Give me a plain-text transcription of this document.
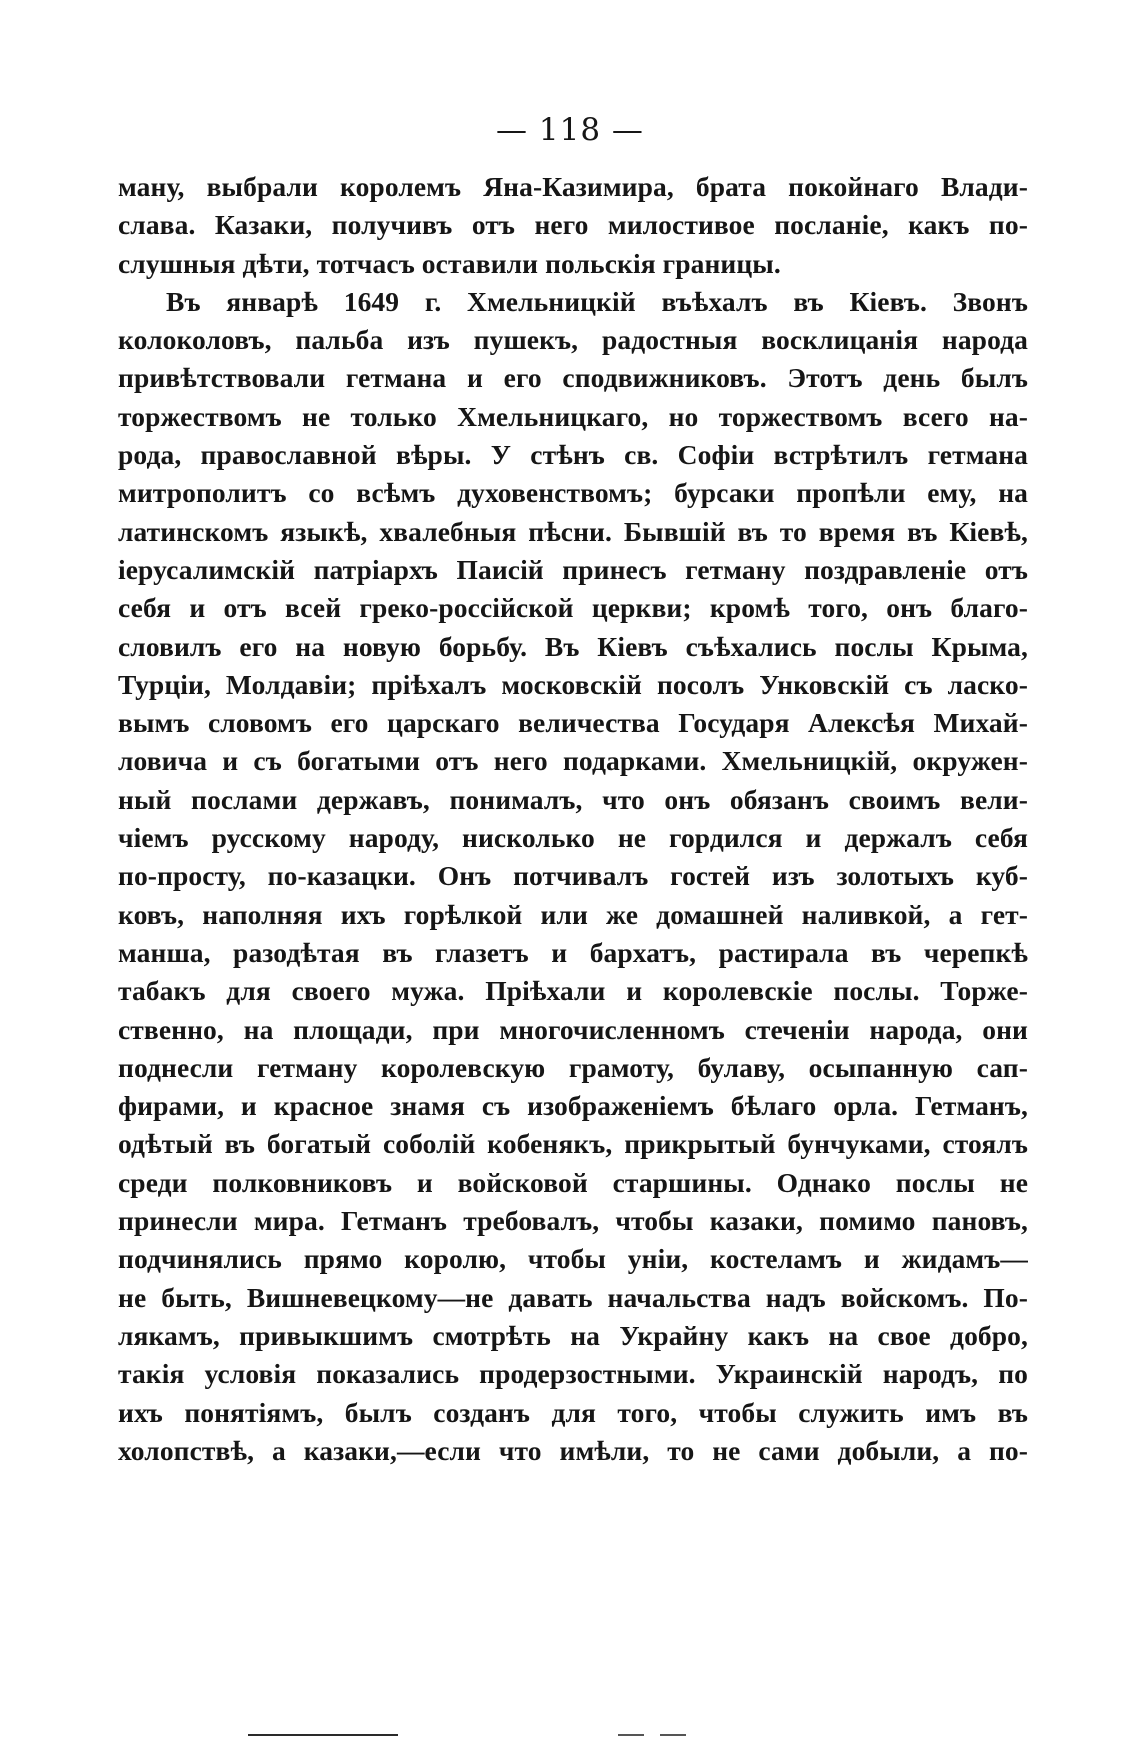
— 118 —
ману, выбрали королемъ Яна-Казимира, брата покойнаго Влади-
слава. Казаки, получивъ отъ него милостивое посланіе, какъ по-
слушныя дѣти, тотчасъ оставили польскія границы.
Въ январѣ 1649 г. Хмельницкій въѣхалъ въ Кіевъ. Звонъ
колоколовъ, пальба изъ пушекъ, радостныя восклицанія народа
привѣтствовали гетмана и его сподвижниковъ. Этотъ день былъ
торжествомъ не только Хмельницкаго, но торжествомъ всего на-
рода, православной вѣры. У стѣнъ св. Софіи встрѣтилъ гетмана
митрополитъ со всѣмъ духовенствомъ; бурсаки пропѣли ему, на
латинскомъ языкѣ, хвалебныя пѣсни. Бывшій въ то время въ Кіевѣ,
іерусалимскій патріархъ Паисій принесъ гетману поздравленіе отъ
себя и отъ всей греко-россійской церкви; кромѣ того, онъ благо-
словилъ его на новую борьбу. Въ Кіевъ съѣхались послы Крыма,
Турціи, Молдавіи; пріѣхалъ московскій посолъ Унковскій съ ласко-
вымъ словомъ его царскаго величества Государя Алексѣя Михай-
ловича и съ богатыми отъ него подарками. Хмельницкій, окружен-
ный послами державъ, понималъ, что онъ обязанъ своимъ вели-
чіемъ русскому народу, нисколько не гордился и держалъ себя
по-просту, по-казацки. Онъ потчивалъ гостей изъ золотыхъ куб-
ковъ, наполняя ихъ горѣлкой или же домашней наливкой, а гет-
манша, разодѣтая въ глазетъ и бархатъ, растирала въ черепкѣ
табакъ для своего мужа. Пріѣхали и королевскіе послы. Торже-
ственно, на площади, при многочисленномъ стеченіи народа, они
поднесли гетману королевскую грамоту, булаву, осыпанную сап-
фирами, и красное знамя съ изображеніемъ бѣлаго орла. Гетманъ,
одѣтый въ богатый соболій кобенякъ, прикрытый бунчуками, стоялъ
среди полковниковъ и войсковой старшины. Однако послы не
принесли мира. Гетманъ требовалъ, чтобы казаки, помимо пановъ,
подчинялись прямо королю, чтобы уніи, костеламъ и жидамъ—
не быть, Вишневецкому—не давать начальства надъ войскомъ. По-
лякамъ, привыкшимъ смотрѣть на Украйну какъ на свое добро,
такія условія показались продерзостными. Украинскій народъ, по
ихъ понятіямъ, былъ созданъ для того, чтобы служить имъ въ
холопствѣ, а казаки,—если что имѣли, то не сами добыли, а по-
